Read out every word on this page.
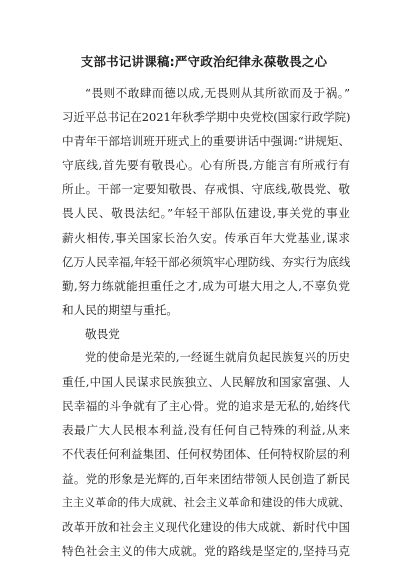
支部书记讲课稿:严守政治纪律永葆敬畏之心
“畏则不敢肆而德以成,无畏则从其所欲而及于祸。”
习近平总书记在2021年秋季学期中央党校(国家行政学院)
中青年干部培训班开班式上的重要讲话中强调:“讲规矩、
守底线,首先要有敬畏心。心有所畏,方能言有所戒行有
所止。干部一定要知敬畏、存戒惧、守底线,敬畏党、敬
畏人民、敬畏法纪。”年轻干部队伍建设,事关党的事业
薪火相传,事关国家长治久安。传承百年大党基业,谋求
亿万人民幸福,年轻干部必须筑牢心理防线、夯实行为底线
勤,努力练就能担重任之才,成为可堪大用之人,不辜负党
和人民的期望与重托。
敬畏党
党的使命是光荣的,一经诞生就肩负起民族复兴的历史
重任,中国人民谋求民族独立、人民解放和国家富强、人
民幸福的斗争就有了主心骨。党的追求是无私的,始终代
表最广大人民根本利益,没有任何自己特殊的利益,从来
不代表任何利益集团、任何权势团体、任何特权阶层的利
益。党的形象是光辉的,百年来团结带领人民创造了新民
主主义革命的伟大成就、社会主义革命和建设的伟大成就、
改革开放和社会主义现代化建设的伟大成就、新时代中国
特色社会主义的伟大成就。党的路线是坚定的,坚持马克
